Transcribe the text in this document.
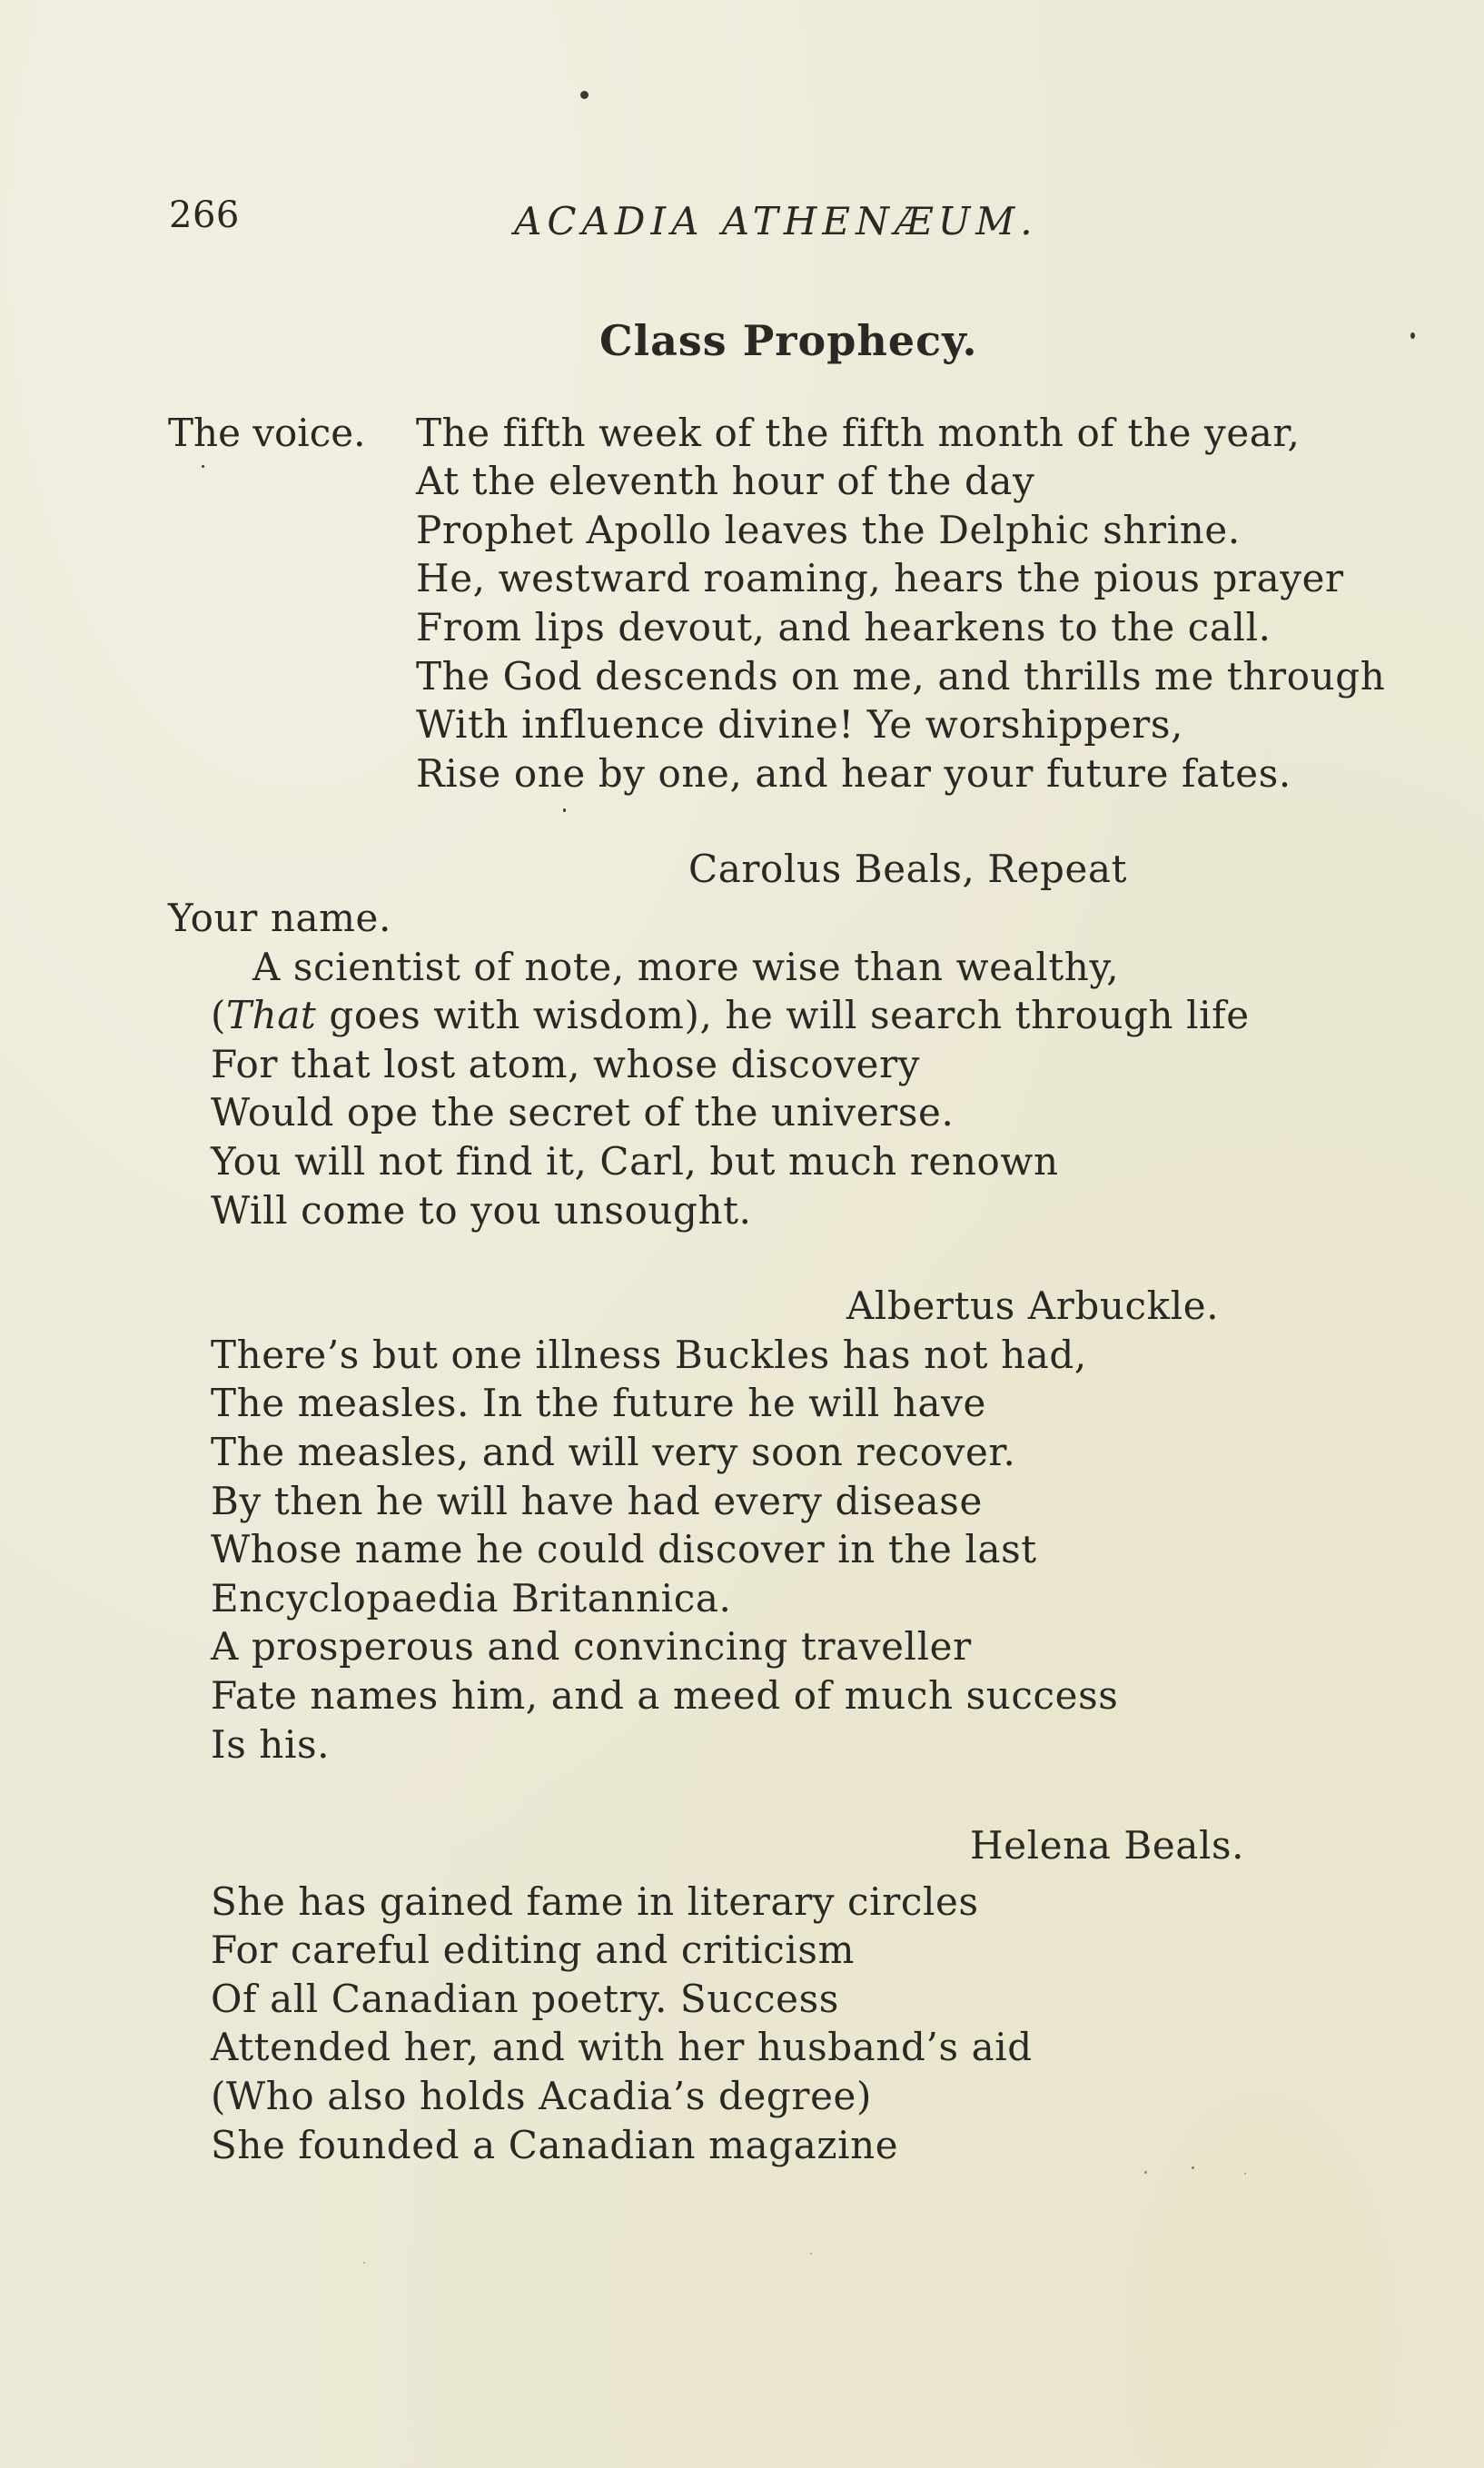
266	ACADIA ATHENÆUM.
Class Prophecy.
The voice. The fifth week of the fifth month of the year,
At the eleventh hour of the day
Prophet Apollo leaves the Delphic shrine.
He, westward roaming, hears the pious prayer
From lips devout, and hearkens to the call.
The God descends on me, and thrills me through
With influence divine! Ye worshippers,
Rise one by one, and hear your future fates.
Carolus Beals, Repeat
Your name.
A scientist of note, more wise than wealthy,
(That goes with wisdom), he will search through life
For that lost atom, whose discovery
Would ope the secret of the universe.
You will not find it, Carl, but much renown
Will come to you unsought.
Albertus Arbuckle.
There’s but one illness Buckles has not had,
The measles. In the future he will have
The measles, and will very soon recover.
By then he will have had every disease
Whose name he could discover in the last
Encyclopaedia Britannica.
A prosperous and convincing traveller
Fate names him, and a meed of much success
Is his.
Helena Beals.
She has gained fame in literary circles
For careful editing and criticism
Of all Canadian poetry. Success
Attended her, and with her husband’s aid
(Who also holds Acadia’s degree)
She founded a Canadian magazine
